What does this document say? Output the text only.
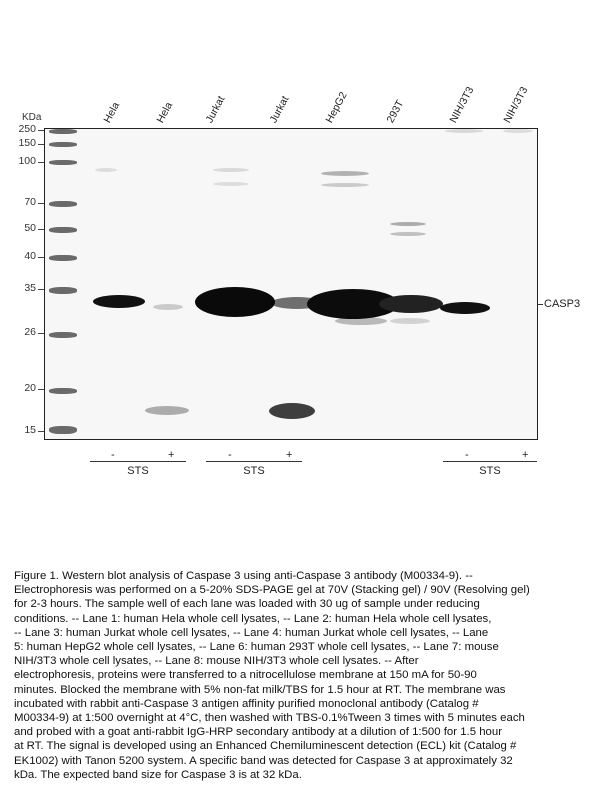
KDa	Hela	Hela	Jurkat	Jurkat	HepG2	293T	NIH/3T3 NIH/3T3
250
150
100
70
50
40
35
26
20
15
CASP3
-	+	-	+	-	+
STS	STS	STS

Figure 1. Western blot analysis of Caspase 3 using anti-Caspase 3 antibody (M00334-9). --

Electrophoresis was performed on a 5-20% SDS-PAGE gel at 70V (Stacking gel) / 90V (Resolving gel)

for 2-3 hours. The sample well of each lane was loaded with 30 ug of sample under reducing

conditions. -- Lane 1: human Hela whole cell lysates, -- Lane 2: human Hela whole cell lysates,

-- Lane 3: human Jurkat whole cell lysates, -- Lane 4: human Jurkat whole cell lysates, -- Lane

5: human HepG2 whole cell lysates, -- Lane 6: human 293T whole cell lysates, -- Lane 7: mouse

NIH/3T3 whole cell lysates, -- Lane 8: mouse NIH/3T3 whole cell lysates. -- After

electrophoresis, proteins were transferred to a nitrocellulose membrane at 150 mA for 50-90

minutes. Blocked the membrane with 5% non-fat milk/TBS for 1.5 hour at RT. The membrane was

incubated with rabbit anti-Caspase 3 antigen affinity purified monoclonal antibody (Catalog #

M00334-9) at 1:500 overnight at 4°C, then washed with TBS-0.1%Tween 3 times with 5 minutes each

and probed with a goat anti-rabbit IgG-HRP secondary antibody at a dilution of 1:500 for 1.5 hour

at RT. The signal is developed using an Enhanced Chemiluminescent detection (ECL) kit (Catalog #

EK1002) with Tanon 5200 system. A specific band was detected for Caspase 3 at approximately 32

kDa. The expected band size for Caspase 3 is at 32 kDa.
